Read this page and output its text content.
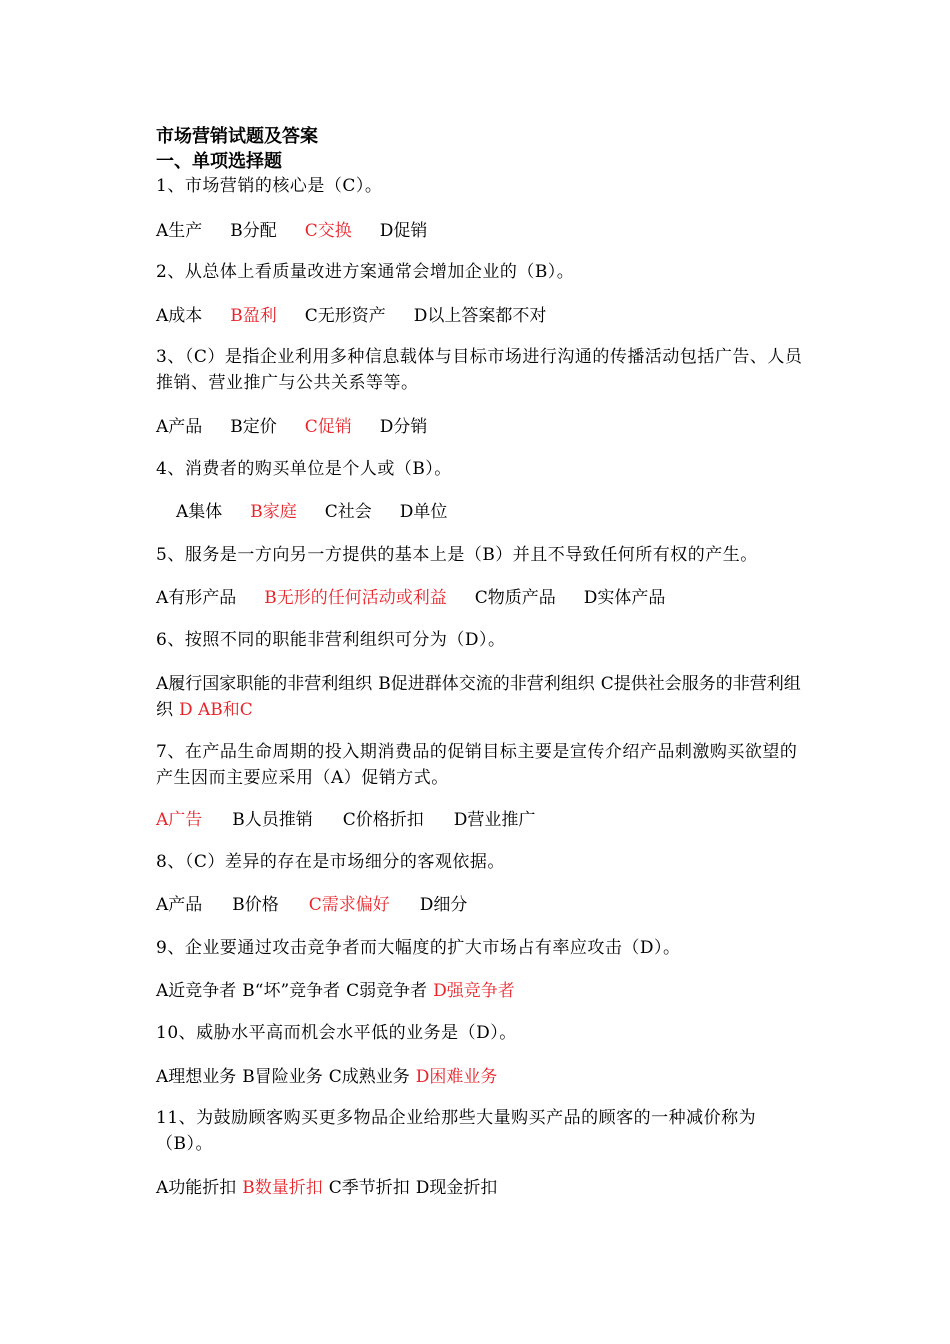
市场营销试题及答案
一、单项选择题
1、市场营销的核心是（C）。
A生产 B分配 C交换 D促销
2、从总体上看质量改进方案通常会增加企业的（B）。
A成本 B盈利 C无形资产 D以上答案都不对
3、（C）是指企业利用多种信息载体与目标市场进行沟通的传播活动包括广告、人员推销、营业推广与公共关系等等。
A产品 B定价 C促销 D分销
4、消费者的购买单位是个人或（B）。
A集体 B家庭 C社会 D单位
5、服务是一方向另一方提供的基本上是（B）并且不导致任何所有权的产生。
A有形产品 B无形的任何活动或利益 C物质产品 D实体产品
6、按照不同的职能非营利组织可分为（D）。
A履行国家职能的非营利组织 B促进群体交流的非营利组织 C提供社会服务的非营利组织 D AB和C
7、在产品生命周期的投入期消费品的促销目标主要是宣传介绍产品刺激购买欲望的产生因而主要应采用（A）促销方式。
A广告 B人员推销 C价格折扣 D营业推广
8、（C）差异的存在是市场细分的客观依据。
A产品 B价格 C需求偏好 D细分
9、企业要通过攻击竞争者而大幅度的扩大市场占有率应攻击（D）。
A近竞争者 B“坏”竞争者 C弱竞争者 D强竞争者
10、威胁水平高而机会水平低的业务是（D）。
A理想业务 B冒险业务 C成熟业务 D困难业务
11、为鼓励顾客购买更多物品企业给那些大量购买产品的顾客的一种减价称为（B）。
A功能折扣 B数量折扣 C季节折扣 D现金折扣
